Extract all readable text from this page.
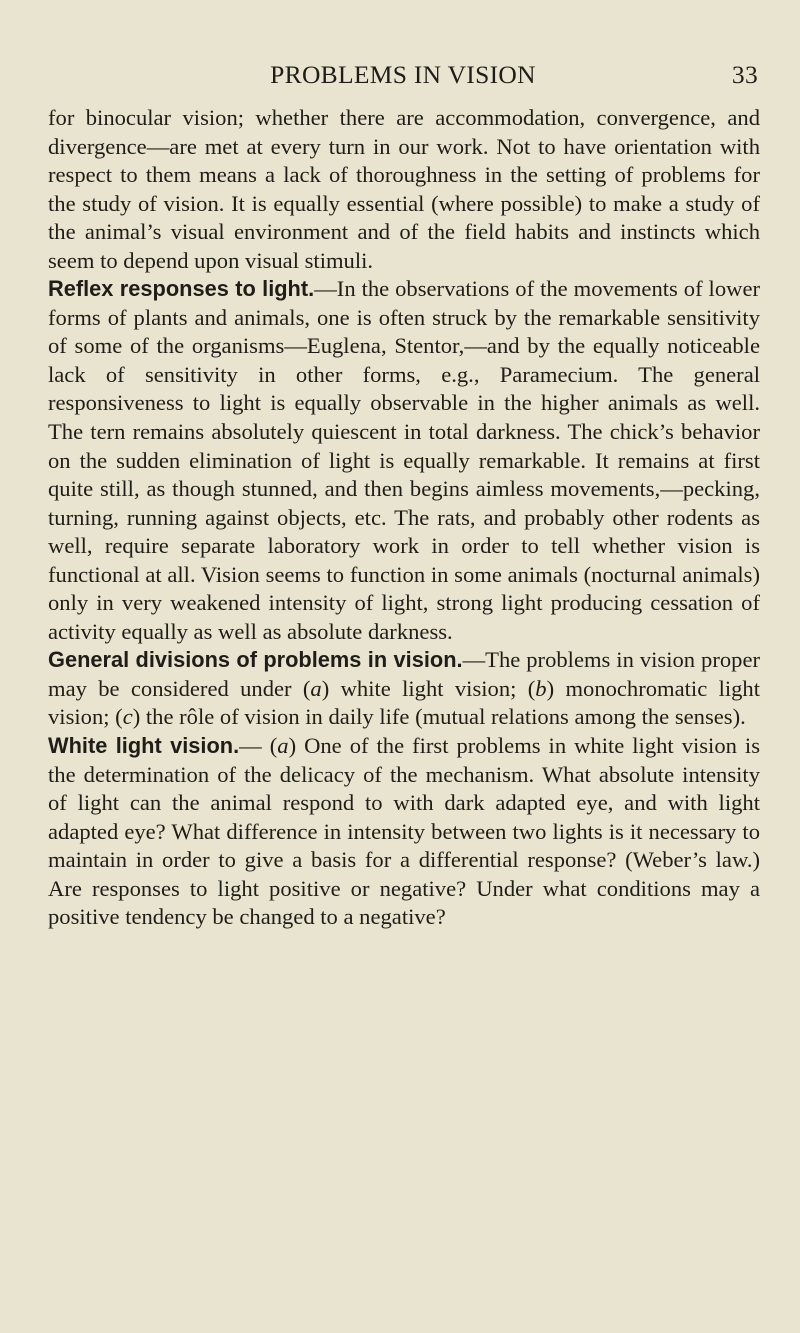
PROBLEMS IN VISION	33

for binocular vision; whether there are accommodation, convergence, and divergence—are met at every turn in our work. Not to have orientation with respect to them means a lack of thoroughness in the setting of problems for the study of vision. It is equally essential (where possible) to make a study of the animal’s visual environment and of the field habits and instincts which seem to depend upon visual stimuli.

Reflex responses to light.—In the observations of the movements of lower forms of plants and animals, one is often struck by the remarkable sensitivity of some of the organisms—Euglena, Stentor,—and by the equally noticeable lack of sensitivity in other forms, e.g., Paramecium. The general responsiveness to light is equally observable in the higher animals as well. The tern remains absolutely quiescent in total darkness. The chick’s behavior on the sudden elimination of light is equally remarkable. It remains at first quite still, as though stunned, and then begins aimless movements,—pecking, turning, running against objects, etc. The rats, and probably other rodents as well, require separate laboratory work in order to tell whether vision is functional at all. Vision seems to function in some animals (nocturnal animals) only in very weakened intensity of light, strong light producing cessation of activity equally as well as absolute darkness.

General divisions of problems in vision.—The problems in vision proper may be considered under (a) white light vision; (b) monochromatic light vision; (c) the rôle of vision in daily life (mutual relations among the senses).

White light vision.— (a) One of the first problems in white light vision is the determination of the delicacy of the mechanism. What absolute intensity of light can the animal respond to with dark adapted eye, and with light adapted eye? What difference in intensity between two lights is it necessary to maintain in order to give a basis for a differential response? (Weber’s law.) Are responses to light positive or negative? Under what conditions may a positive tendency be changed to a negative?
